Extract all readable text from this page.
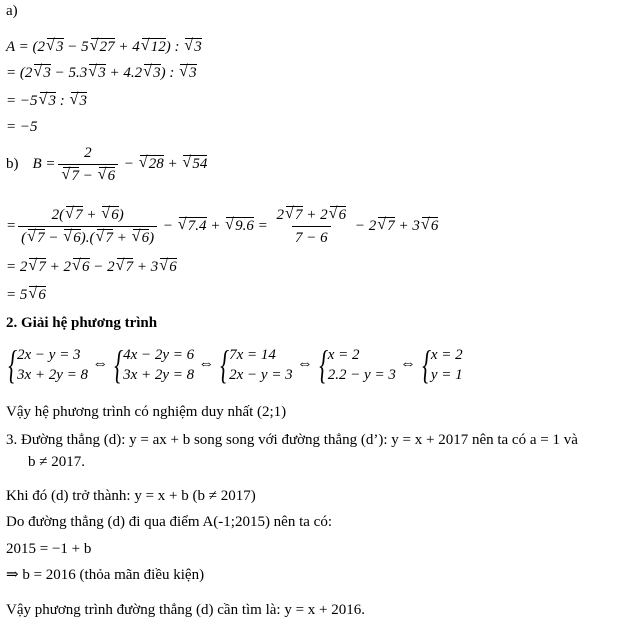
a)
A = (2√ 3 − 5√ 27 + 4√ 12) : √ 3
= (2√ 3 − 5.3√ 3 + 4.2√ 3) : √ 3
= −5√ 3 : √ 3
= −5
b) B = 2
√ 7 − √ 6 − √ 28 + √ 54
= $\frac{2(√ 7 + √ 6)}{(√ 7 - √ 6).(√ 7 + √ 6)}$ − √ 7.4 + √ $9.6 = \frac{2√ 7 + 2√ 6}{7 - 6} - 2√$ 7 + 3√ 6
= 2√ 7 + 2√ 6 − 2√ 7 + 3√ 6
= 5√ 6
2. Giải hệ phương trình
{ 2x − y = 3
3x + 2y = 8
⇔ { 4x − 2y = 6
3x + 2y = 8
⇔ { 7x = 14
2x − y = 3
⇔ { x = 2
2.2 − y = 3
⇔ { x = 2
y = 1
Vậy hệ phương trình có nghiệm duy nhất (2;1)
3. Đường thẳng (d): y = ax + b song song với đường thẳng (d’): y = x + 2017 nên ta có a = 1 và
b ≠ 2017.
Khi đó (d) trở thành: y = x + b (b ≠ 2017)
Do đường thẳng (d) đi qua điểm A(-1;2015) nên ta có:
2015 = −1 + b
⇒ b = 2016 (thỏa mãn điều kiện)
Vậy phương trình đường thẳng (d) cần tìm là: y = x + 2016.
